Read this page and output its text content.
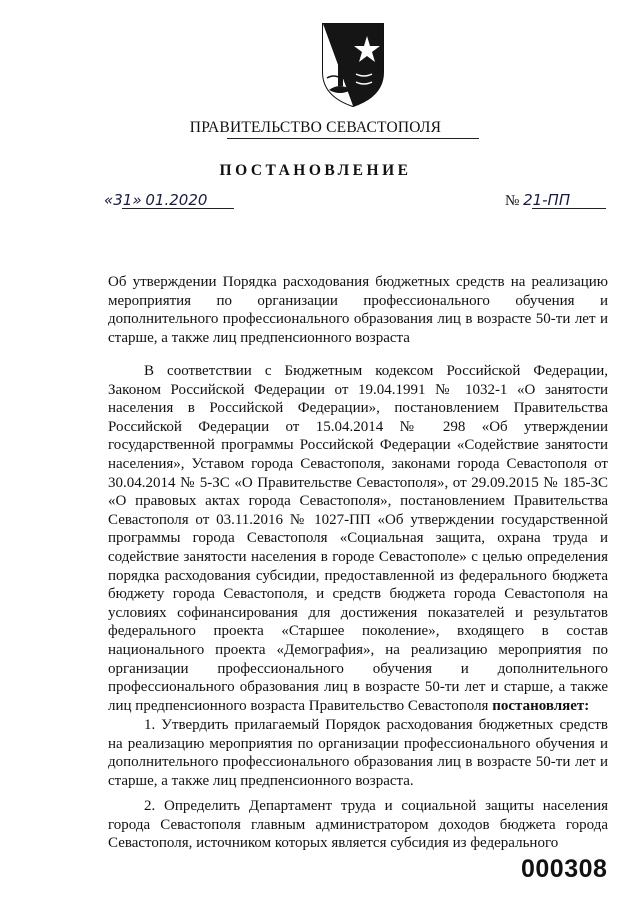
ПРАВИТЕЛЬСТВО СЕВАСТОПОЛЯ
ПОСТАНОВЛЕНИЕ
«31» 01.2020	№ 21-ПП

Об утверждении Порядка расходования бюджетных средств на реализацию мероприятия по организации профессионального обучения и дополнительного профессионального образования лиц в возрасте 50-ти лет и старше, а также лиц предпенсионного возраста

В соответствии с Бюджетным кодексом Российской Федерации, Законом Российской Федерации от 19.04.1991 № 1032-1 «О занятости населения в Российской Федерации», постановлением Правительства Российской Федерации от 15.04.2014 № 298 «Об утверждении государственной программы Российской Федерации «Содействие занятости населения», Уставом города Севастополя, законами города Севастополя от 30.04.2014 № 5-ЗС «О Правительстве Севастополя», от 29.09.2015 № 185-ЗС «О правовых актах города Севастополя», постановлением Правительства Севастополя от 03.11.2016 № 1027-ПП «Об утверждении государственной программы города Севастополя «Социальная защита, охрана труда и содействие занятости населения в городе Севастополе» с целью определения порядка расходования субсидии, предоставленной из федерального бюджета бюджету города Севастополя, и средств бюджета города Севастополя на условиях софинансирования для достижения показателей и результатов федерального проекта «Старшее поколение», входящего в состав национального проекта «Демография», на реализацию мероприятия по организации профессионального обучения и дополнительного профессионального образования лиц в возрасте 50-ти лет и старше, а также лиц предпенсионного возраста Правительство Севастополя постановляет:

1. Утвердить прилагаемый Порядок расходования бюджетных средств на реализацию мероприятия по организации профессионального обучения и дополнительного профессионального образования лиц в возрасте 50-ти лет и старше, а также лиц предпенсионного возраста.

2. Определить Департамент труда и социальной защиты населения города Севастополя главным администратором доходов бюджета города Севастополя, источником которых является субсидия из федерального

000308
